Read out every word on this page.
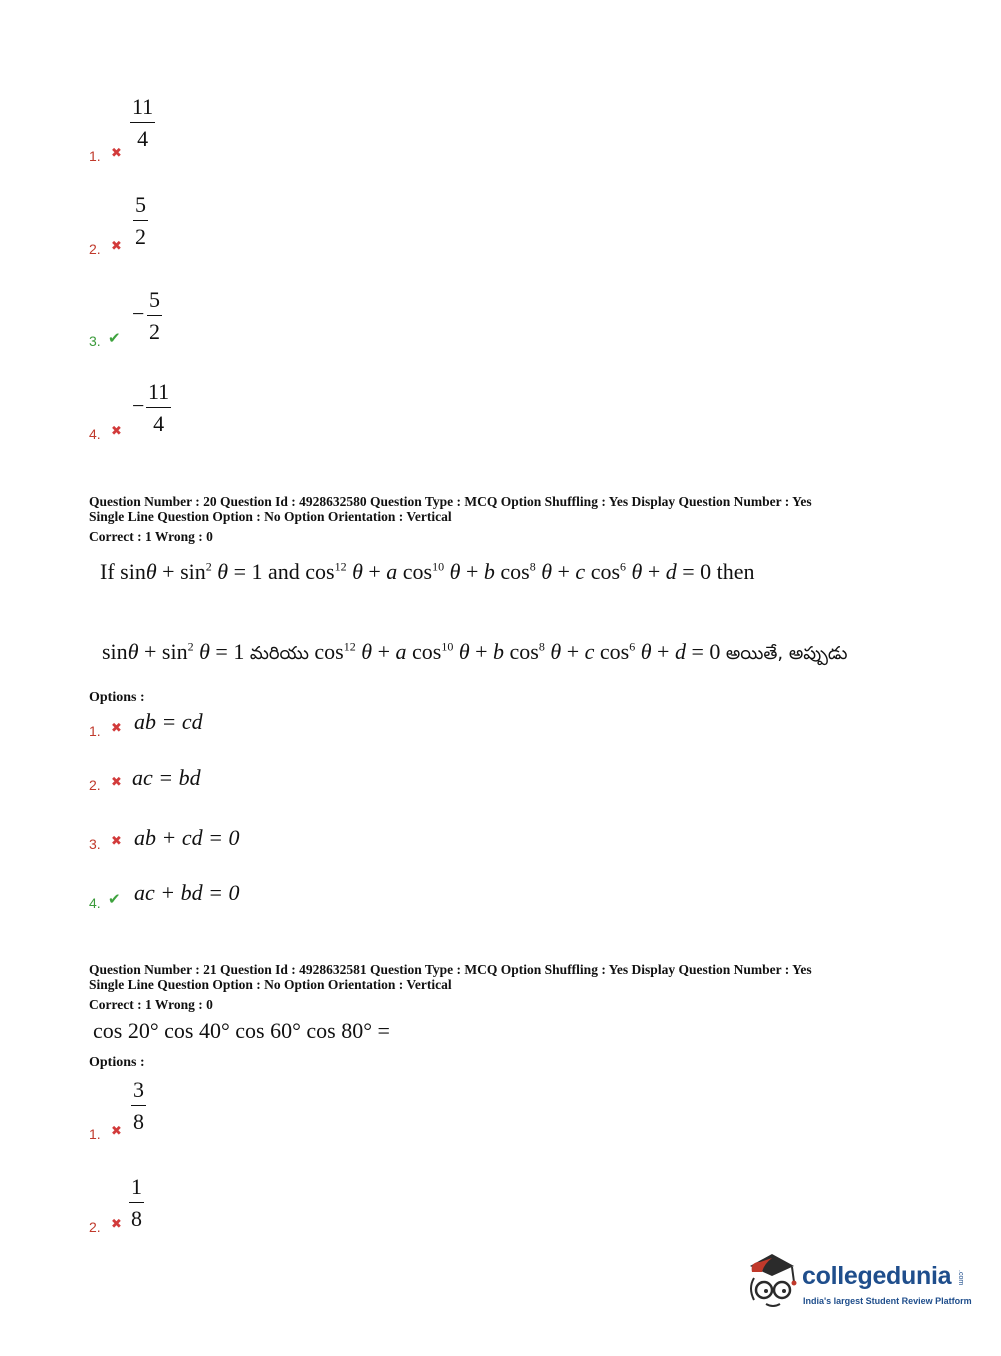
1. ✖
11
4
2. ✖
5
2
3. ✔
−
5
2
4. ✖
−
11
4
Question Number : 20 Question Id : 4928632580 Question Type : MCQ Option Shuffling : Yes Display Question Number : Yes
Single Line Question Option : No Option Orientation : Vertical
Correct : 1 Wrong : 0
If $\sin\theta + \sin^2 \theta = 1$ and $\cos^{12} \theta + a$ $\cos^{10} \theta + b$ $\cos^8 \theta + c$ $\cos^6 \theta + d = 0$ then
$\sin\theta + \sin^2 \theta = 1$ మరియు $\cos^{12} \theta + a$ $\cos^{10} \theta + b$ $\cos^8 \theta + c$ $\cos^6 \theta + d = 0$ అయితే, అప్పుడు
Options :
1. ✖ ab = cd
2. ✖ ac = bd
3. ✖ ab + cd = 0
4. ✔ ac + bd = 0
Question Number : 21 Question Id : 4928632581 Question Type : MCQ Option Shuffling : Yes Display Question Number : Yes
Single Line Question Option : No Option Orientation : Vertical
Correct : 1 Wrong : 0
cos 20° cos 40° cos 60° cos 80° =
Options :
1. ✖
3
8
2. ✖
1
8
collegedunia .com
India's largest Student Review Platform
